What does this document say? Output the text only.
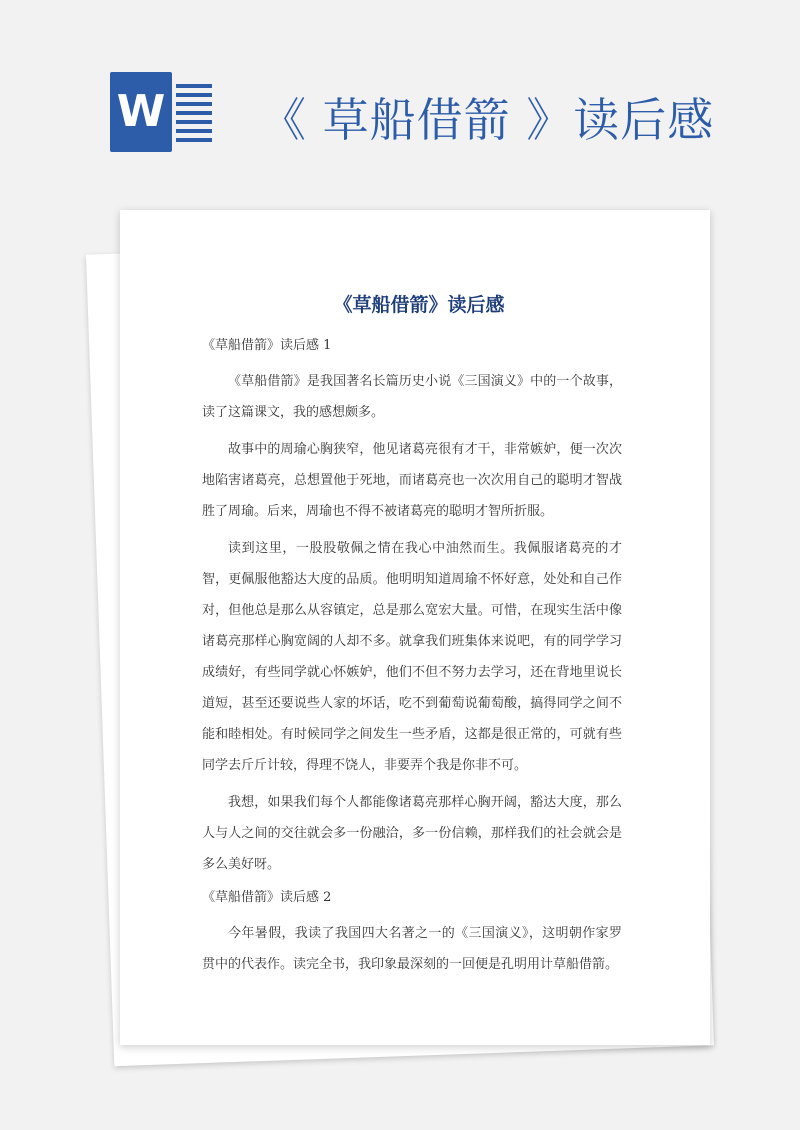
W 《 草船借箭 》读后感
《草船借箭》读后感
《草船借箭》读后感 1

《草船借箭》是我国著名长篇历史小说《三国演义》中的一个故事，读了这篇课文，我的感想颇多。

故事中的周瑜心胸狭窄，他见诸葛亮很有才干，非常嫉妒，便一次次地陷害诸葛亮，总想置他于死地，而诸葛亮也一次次用自己的聪明才智战胜了周瑜。后来，周瑜也不得不被诸葛亮的聪明才智所折服。

读到这里，一股股敬佩之情在我心中油然而生。我佩服诸葛亮的才智，更佩服他豁达大度的品质。他明明知道周瑜不怀好意，处处和自己作对，但他总是那么从容镇定，总是那么宽宏大量。可惜，在现实生活中像诸葛亮那样心胸宽阔的人却不多。就拿我们班集体来说吧，有的同学学习成绩好，有些同学就心怀嫉妒，他们不但不努力去学习，还在背地里说长道短，甚至还要说些人家的坏话，吃不到葡萄说葡萄酸，搞得同学之间不能和睦相处。有时候同学之间发生一些矛盾，这都是很正常的，可就有些同学去斤斤计较，得理不饶人，非要弄个我是你非不可。

我想，如果我们每个人都能像诸葛亮那样心胸开阔，豁达大度，那么人与人之间的交往就会多一份融洽，多一份信赖，那样我们的社会就会是多么美好呀。

《草船借箭》读后感 2

今年暑假，我读了我国四大名著之一的《三国演义》，这明朝作家罗贯中的代表作。读完全书，我印象最深刻的一回便是孔明用计草船借箭。
